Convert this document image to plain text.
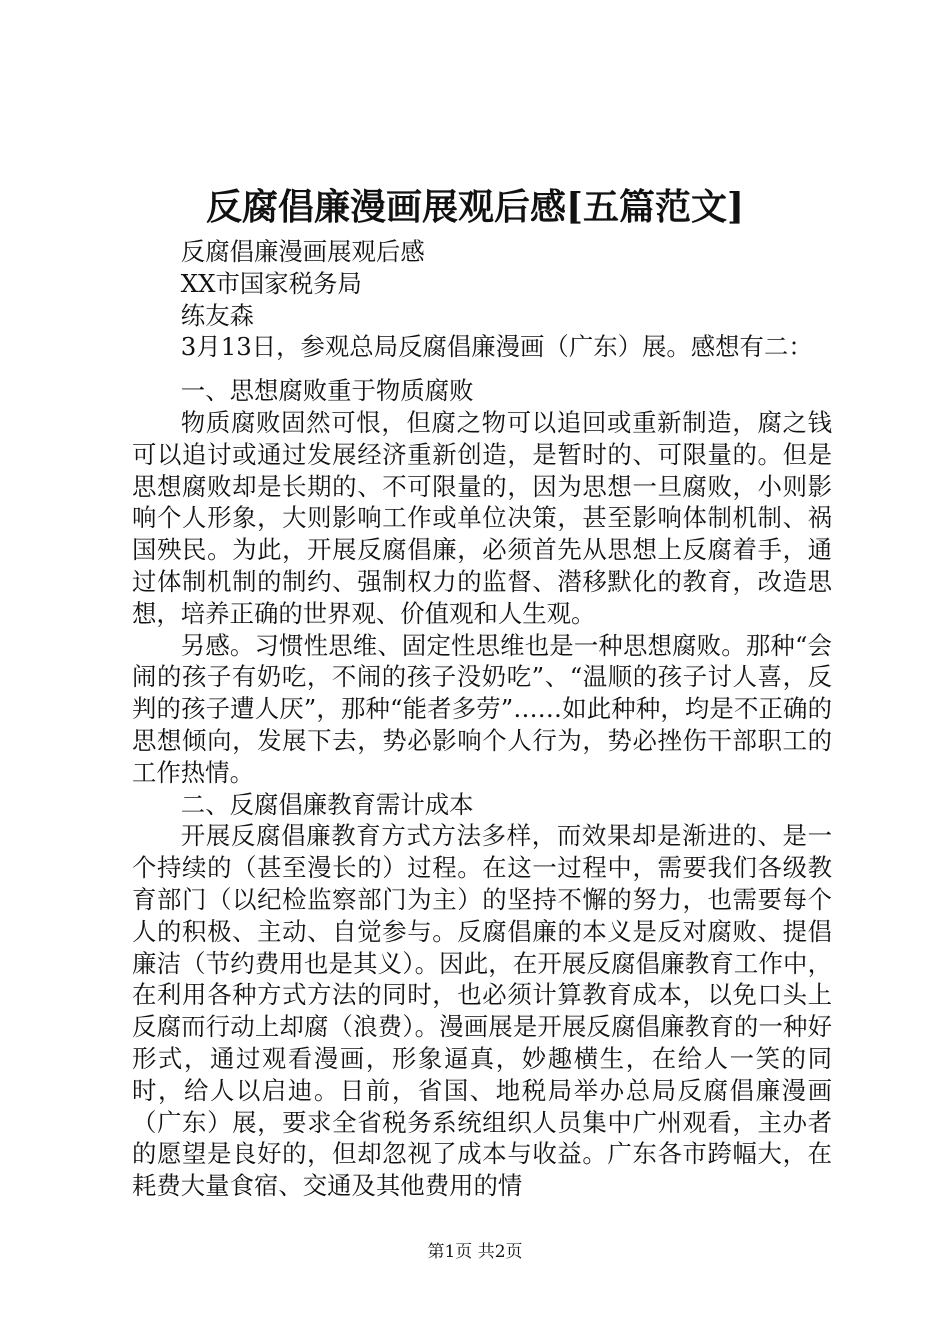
反腐倡廉漫画展观后感[五篇范文]

反腐倡廉漫画展观后感

XX市国家税务局

练友森

3月13日，参观总局反腐倡廉漫画（广东）展。感想有二：

一、思想腐败重于物质腐败

物质腐败固然可恨，但腐之物可以追回或重新制造，腐之钱可以追讨或通过发展经济重新创造，是暂时的、可限量的。但是思想腐败却是长期的、不可限量的，因为思想一旦腐败，小则影响个人形象，大则影响工作或单位决策，甚至影响体制机制、祸国殃民。为此，开展反腐倡廉，必须首先从思想上反腐着手，通过体制机制的制约、强制权力的监督、潜移默化的教育，改造思想，培养正确的世界观、价值观和人生观。

另感。习惯性思维、固定性思维也是一种思想腐败。那种“会闹的孩子有奶吃，不闹的孩子没奶吃”、“温顺的孩子讨人喜，反判的孩子遭人厌”，那种“能者多劳”……如此种种，均是不正确的思想倾向，发展下去，势必影响个人行为，势必挫伤干部职工的工作热情。

二、反腐倡廉教育需计成本

开展反腐倡廉教育方式方法多样，而效果却是渐进的、是一个持续的（甚至漫长的）过程。在这一过程中，需要我们各级教育部门（以纪检监察部门为主）的坚持不懈的努力，也需要每个人的积极、主动、自觉参与。反腐倡廉的本义是反对腐败、提倡廉洁（节约费用也是其义）。因此，在开展反腐倡廉教育工作中，在利用各种方式方法的同时，也必须计算教育成本，以免口头上反腐而行动上却腐（浪费）。漫画展是开展反腐倡廉教育的一种好形式，通过观看漫画，形象逼真，妙趣横生，在给人一笑的同时，给人以启迪。日前，省国、地税局举办总局反腐倡廉漫画（广东）展，要求全省税务系统组织人员集中广州观看，主办者的愿望是良好的，但却忽视了成本与收益。广东各市跨幅大，在耗费大量食宿、交通及其他费用的情

第1页 共2页
